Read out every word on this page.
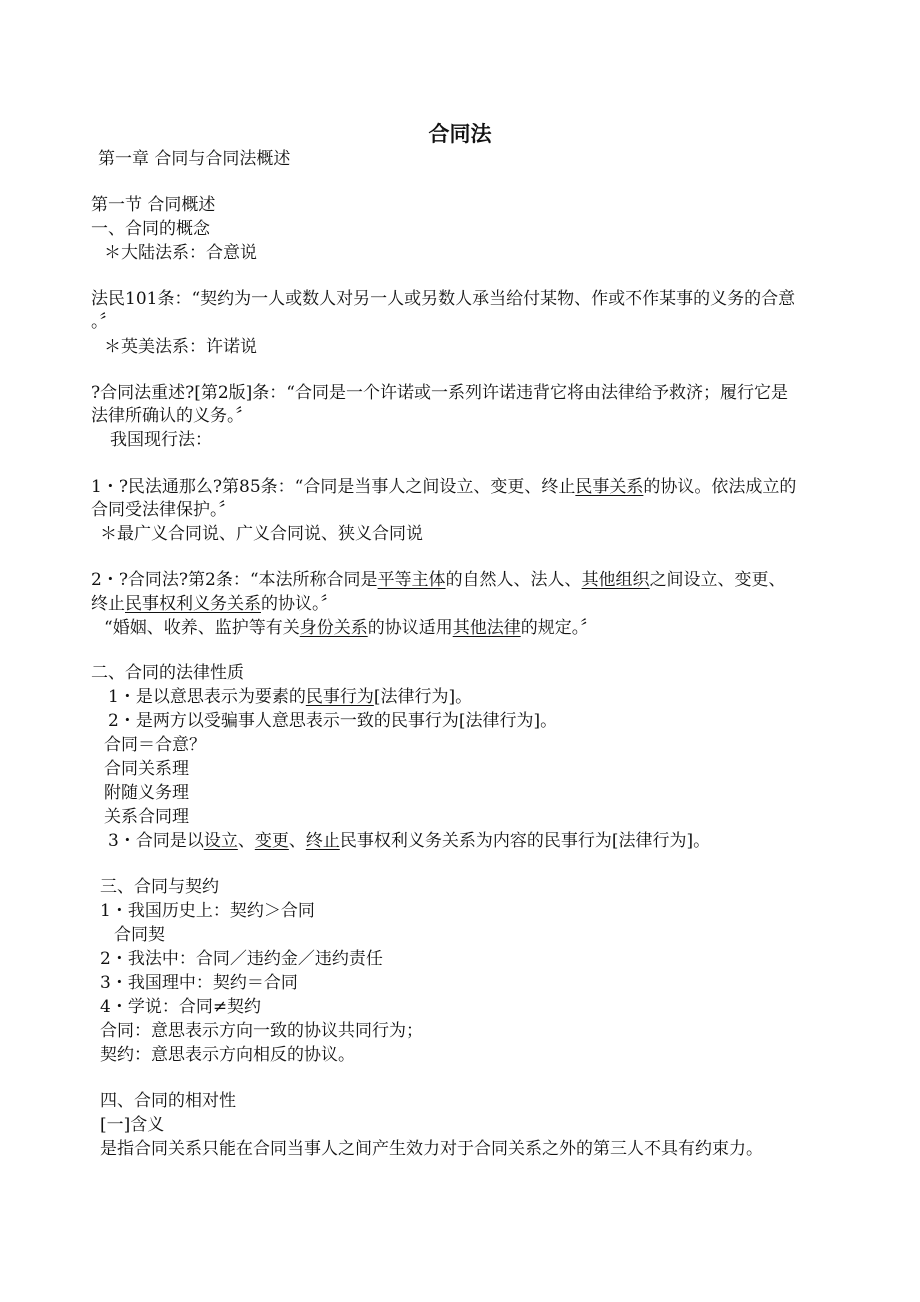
合同法
第一章 合同与合同法概述
第一节 合同概述
一、合同的概念
＊大陆法系：合意说
法民101条：“契约为一人或数人对另一人或另数人承当给付某物、作或不作某事的义务的合意
。〞
＊英美法系：许诺说
?合同法重述?[第2版]条：“合同是一个许诺或一系列许诺违背它将由法律给予救济；履行它是
法律所确认的义务。〞
我国现行法：
1・?民法通那么?第85条：“合同是当事人之间设立、变更、终止民事关系的协议。依法成立的
合同受法律保护。〞
＊最广义合同说、广义合同说、狭义合同说
2・?合同法?第2条：“本法所称合同是平等主体的自然人、法人、其他组织之间设立、变更、
终止民事权利义务关系的协议。〞
“婚姻、收养、监护等有关身份关系的协议适用其他法律的规定。〞
二、合同的法律性质
1・是以意思表示为要素的民事行为[法律行为]。
2・是两方以受骗事人意思表示一致的民事行为[法律行为]。
合同＝合意？
合同关系理
附随义务理
关系合同理
3・合同是以设立、变更、终止民事权利义务关系为内容的民事行为[法律行为]。
三、合同与契约
1・我国历史上：契约＞合同
合同契
2・我法中：合同／违约金／违约责任
3・我国理中：契约＝合同
4・学说：合同≠契约
合同：意思表示方向一致的协议共同行为；
契约：意思表示方向相反的协议。
四、合同的相对性
[一]含义
是指合同关系只能在合同当事人之间产生效力对于合同关系之外的第三人不具有约束力。
